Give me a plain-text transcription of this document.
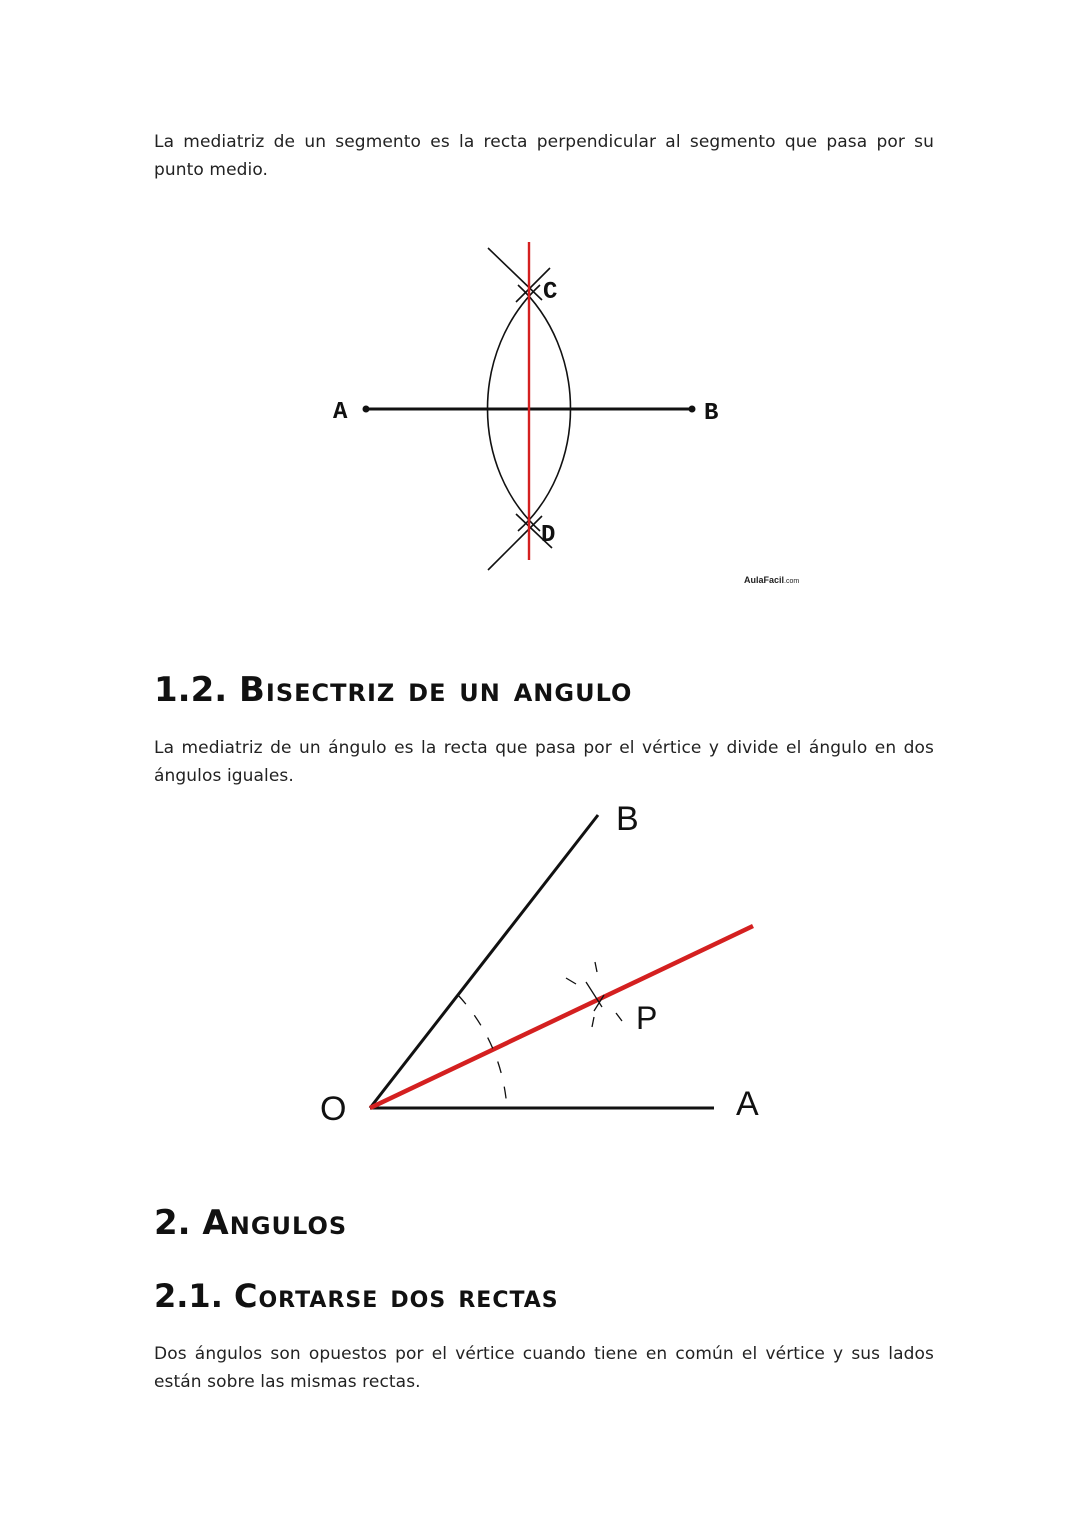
La mediatriz de un segmento es la recta perpendicular al segmento que pasa por su punto medio.

A	B
C
D
AulaFacil.com
1.2. Bisectriz de un angulo

La mediatriz de un ángulo es la recta que pasa por el vértice y divide el ángulo en dos ángulos iguales.

O	A
B
P
2. Angulos
2.1. Cortarse dos rectas

Dos ángulos son opuestos por el vértice cuando tiene en común el vértice y sus lados están sobre las mismas rectas.
